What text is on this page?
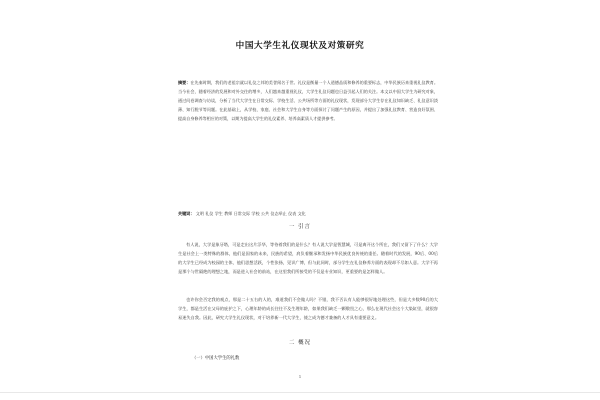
中国大学生礼仪现状及对策研究
摘要：在先秦时期，我们的老祖宗就以礼仪之邦的美誉闻名于世。礼仪是衡量一个人道德品质和修养的重要标志，中华民族历来重视礼仪教育。当今社会，随着经济的发展和对外交往的增多，人们越来越重视礼仪，大学生礼仪问题也日益引起人们的关注。本文以中国大学生为研究对象，通过问卷调查与访谈，分析了当代大学生在日常交际、学校生活、公共场所等方面的礼仪现状，发现部分大学生存在礼仪知识缺乏、礼仪意识淡薄、知行脱节等问题。在此基础上，从学校、家庭、社会和大学生自身等方面探讨了问题产生的原因，并提出了加强礼仪教育、营造良好氛围、提高自身修养等相应的对策，以期为提高大学生的礼仪素养、培养高素质人才提供参考。
关键词： 文明 礼仪 学生 教师 日常交际 学校 公共 仪态举止 仪表 文化
一 引言
有人说，大学是象牙塔，可是走出这片浮华，等待着我们的是什么？有人说大学是智慧城，可是离开这个所在，我们又留下了什么？大学生是社会上一类特殊的群体，他们是国家的未来，民族的希望，肩负着继承和发扬中华民族优良传统的重任。随着时代的发展，90后、00后的大学生已经成为校园的主体，他们思想活跃，个性张扬，见识广博，但与此同时，部分学生在礼仪修养方面的表现却不尽如人意。大学不再是那个与世隔绝的理想之地，而是进入社会的前站，在这里我们所接受的不仅是专业知识，更重要的是怎样做人。
也许你会否定我的观点，那是二十五右的人的，难道我们不会做人吗？不错，我不否认有人能够很好地处理这些，但是大多数90后的大学生，都是生活在父母的庇护之下，心理年龄的成长往往不及生理年龄，如果我们缺乏一颗敬畏之心，那么在现代社会这个大染缸里，就很容易迷失自我。因此，研究大学生礼仪现状，对于培养新一代大学生，使之成为德才兼备的人才具有重要意义。
二 概况
（一）中国大学生的礼数
1
